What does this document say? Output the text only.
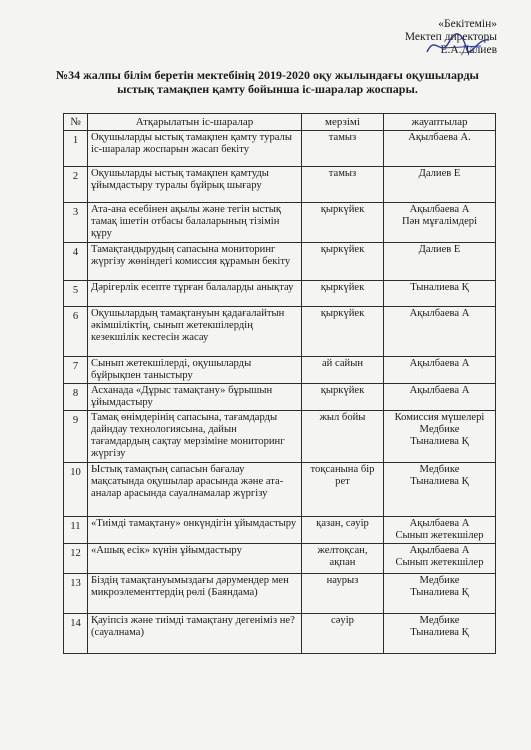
«Бекітемін»
Мектеп директоры
Е.А.Далиев
№34 жалпы білім беретін мектебінің 2019-2020 оқу жылындағы оқушыларды ыстық тамақпен қамту бойынша іс-шаралар жоспары.
№	Атқарылатын іс-шаралар	мерзімі	жауаптылар
1	Оқушыларды ыстық тамақпен қамту туралы іс-шаралар жоспарын жасап бекіту	тамыз	Ақылбаева А.

2	Оқушыларды ыстық тамақпен қамтуды ұйымдастыру туралы бұйрық шығару	тамыз	Далиев Е

3	Ата-ана есебінен ақылы және тегін ыстық тамақ ішетін отбасы балаларының тізімін құру	қыркүйек	Ақылбаева А
Пән мұғалімдері

4	Тамақтандырудың сапасына мониторинг жүргізу жөніндегі комиссия құрамын бекіту	қыркүйек	Далиев Е

5	Дәрігерлік есепте тұрған балаларды анықтау	қыркүйек	Тыналиева Қ

6	Оқушылардың тамақтануын қадағалайтын әкімшіліктің, сынып жетекшілердің кезекшілік кестесін жасау	қыркүйек	Ақылбаева А

7	Сынып жетекшілерді, оқушыларды бұйрықпен таныстыру	ай сайын	Ақылбаева А

8	Асханада «Дұрыс тамақтану» бұрышын ұйымдастыру	қыркүйек	Ақылбаева А

9	Тамақ өнімдерінің сапасына, тағамдарды дайндау технологиясына, дайын тағамдардың сақтау мерзіміне мониторинг жүргізу	жыл бойы	Комиссия мүшелері
Медбике
Тыналиева Қ

10	Ыстық тамақтың сапасын бағалау мақсатында оқушылар арасында және ата-аналар арасында сауалнамалар жүргізу	тоқсанына бір рет	Медбике
Тыналиева Қ

11	«Тиімді тамақтану» онкүндігін ұйымдастыру	қазан, сәуір	Ақылбаева А
Сынып жетекшілер

12	«Ашық есік» күнін ұйымдастыру	желтоқсан, ақпан	Ақылбаева А
Сынып жетекшілер

13	Біздің тамақтануымыздағы дәрумендер мен микроэлементтердің рөлі (Баяндама)	наурыз	Медбике
Тыналиева Қ

14	Қауіпсіз және тиімді тамақтану дегеніміз не? (сауалнама)	сәуір	Медбике
Тыналиева Қ
